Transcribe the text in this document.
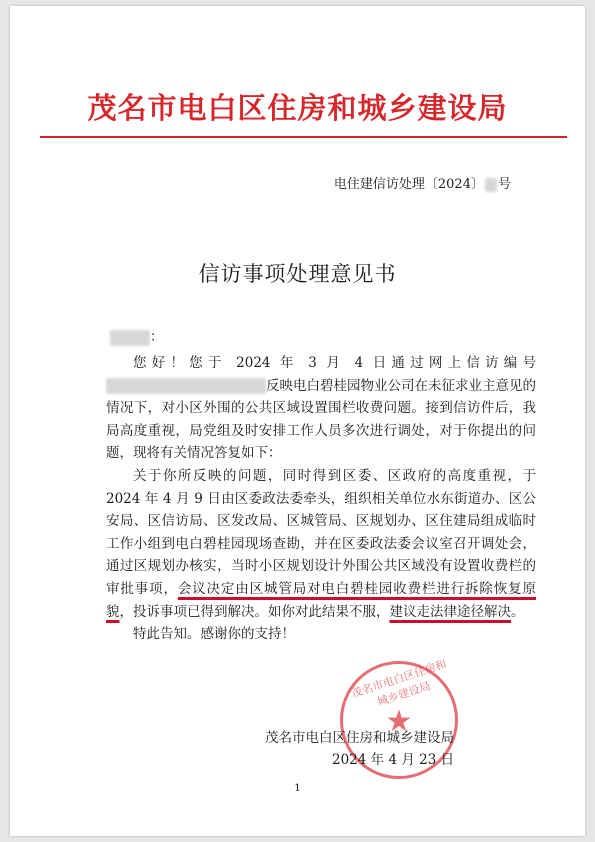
茂名市电白区住房和城乡建设局
电住建信访处理〔2024〕 号
信访事项处理意见书
：

您好！您于 2024 年 3 月 4 日通过网上信访编号反映电白碧桂园物业公司在未征求业主意见的情况下，对小区外围的公共区域设置围栏收费问题。接到信访件后，我局高度重视，局党组及时安排工作人员多次进行调处，对于你提出的问题，现将有关情况答复如下：

关于你所反映的问题，同时得到区委、区政府的高度重视，于 2024 年 4 月 9 日由区委政法委牵头，组织相关单位水东街道办、区公安局、区信访局、区发改局、区城管局、区规划办、区住建局组成临时工作小组到电白碧桂园现场查勘，并在区委政法委会议室召开调处会，通过区规划办核实，当时小区规划设计外围公共区域没有设置收费栏的审批事项，会议决定由区城管局对电白碧桂园收费栏进行拆除恢复原貌，投诉事项已得到解决。如你对此结果不服，建议走法律途径解决。

特此告知。感谢你的支持！

茂名市电白区住房和城乡建设局
★
茂名市电白区住房和城乡建设局
2024 年 4 月 23 日
1
